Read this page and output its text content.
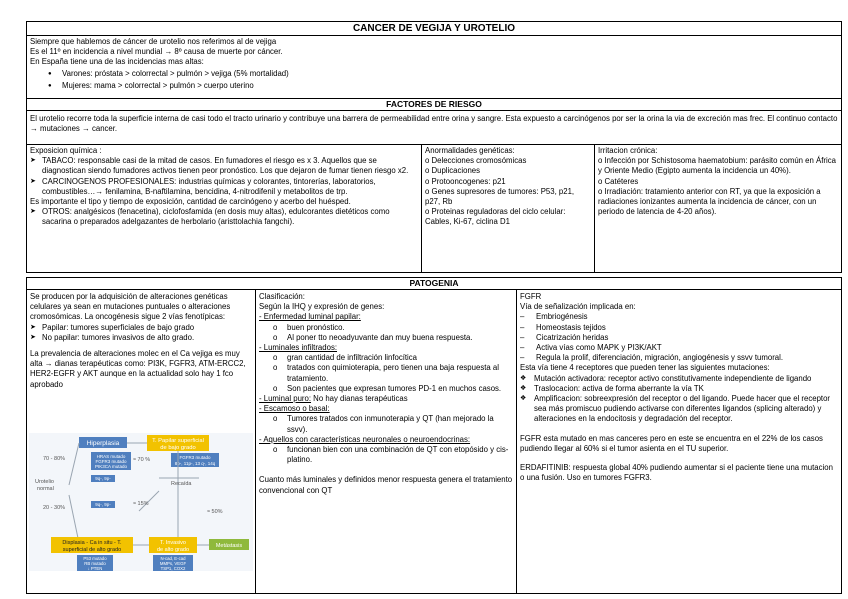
CANCER DE VEGIJA Y UROTELIO
Siempre que hablemos de cáncer de urotelio nos referimos al de vejiga
Es el 11º en incidencia a nivel mundial → 8º causa de muerte por cáncer.
En España tiene una de las incidencias mas altas:
● Varones: próstata > colorrectal > pulmón > vejiga (5% mortalidad)
● Mujeres: mama > colorrectal > pulmón > cuerpo uterino
FACTORES DE RIESGO
El urotelio recorre toda la superficie interna de casi todo el tracto urinario y contribuye una barrera de permeabilidad entre orina y sangre. Esta expuesto a carcinógenos por ser la orina la via de excreción mas frec. El continuo contacto → mutaciones → cancer.
Exposicion química :
➤ TABACO: responsable casi de la mitad de casos. En fumadores el riesgo es x 3. Aquellos que se diagnostican siendo fumadores activos tienen peor pronóstico. Los que dejaron de fumar tienen riesgo x2.
➤ CARCINOGENOS PROFESIONALES: industrias químicas y colorantes, tintorerías, laboratorios, combustibles…→ fenilamina, B-naftilamina, bencidina, 4-nitrodifenil y metabolitos de trp.
Es importante el tipo y tiempo de exposición, cantidad de carcinógeno y acerbo del huésped.
➤ OTROS: analgésicos (fenacetina), ciclofosfamida (en dosis muy altas), edulcorantes dietéticos como sacarina o preparados adelgazantes de herbolario (aristtolachia fangchi).
Anormalidades genéticas:
o Delecciones cromosómicas
o Duplicaciones
o Protooncogenes: p21
o Genes supresores de tumores: P53, p21, p27, Rb
o Proteinas reguladoras del ciclo celular: Cables, Ki-67, ciclina D1
Irritacion crónica:
o Infección por Schistosoma haematobium: parásito común en África y Oriente Medio (Egipto aumenta la incidencia un 40%).
o Catéteres
o Irradiación: tratamiento anterior con RT, ya que la exposición a radiaciones ionizantes aumenta la incidencia de cáncer, con un periodo de latencia de 4-20 años).
PATOGENIA
Se producen por la adquisición de alteraciones genéticas celulares ya sean en mutaciones puntuales o alteraciones cromosómicas. La oncogénesis sigue 2 vías fenotípicas:
➤ Papilar: tumores superficiales de bajo grado
➤ No papilar: tumores invasivos de alto grado.
La prevalencia de alteraciones molec en el Ca vejiga es muy alta → dianas terapéuticas como: PI3K, FGFR3, ATM-ERCC2, HER2-EGFR y AKT aunque en la actualidad solo hay 1 fco aprobado
Hiperplasia	T. Papilar superficial
de bajo grado
HRAS mutado
FGFR3 mutado
PIK3CA mutado
FGFR3 mutado
8p-, 11p-, 13 q-, 14q
9q-, 9p-
9q-, 9p-
70 - 80%
Urotelio
normal
20 - 30%
≈ 70 %
Recaída
≈ 15%
≈ 50%
Displasia - Ca in situ - T.
superficial de alto grado
T. Invasivo
de alto grado
Metástasis
P53 mutado
RB mutado
↓ PTEN
N-cad, E-cad
MMPs, VEGF
TSP1, COX2
Clasificación:
Según la IHQ y expresión de genes:
- Enfermedad luminal papilar:
o buen pronóstico.
o Al poner tto neoadyuvante dan muy buena respuesta.
- Luminales infiltrados:
o gran cantidad de infiltración linfocítica
o tratados con quimioterapia, pero tienen una baja respuesta al tratamiento.
o Son pacientes que expresan tumores PD-1 en muchos casos.
- Luminal puro: No hay dianas terapéuticas
- Escamoso o basal:
o Tumores tratados con inmunoterapia y QT (han mejorado la ssvv).
- Aquellos con características neuronales o neuroendocrinas:
o funcionan bien con una combinación de QT con etopósido y cis-platino.
Cuanto más luminales y definidos menor respuesta genera el tratamiento convencional con QT
FGFR
Vía de señalización implicada en:
– Embriogénesis
– Homeostasis tejidos
– Cicatrización heridas
– Activa vías como MAPK y PI3K/AKT
– Regula la prolif, diferenciación, migración, angiogénesis y ssvv tumoral.
Esta vía tiene 4 receptores que pueden tener las siguientes mutaciones:
❖ Mutación activadora: receptor activo constitutivamente independiente de ligando
❖ Traslocacion: activa de forma aberrante la vía TK
❖ Amplificacion: sobreexpresión del receptor o del ligando. Puede hacer que el receptor sea más promiscuo pudiendo activarse con diferentes ligandos (splicing alterado) y alteraciones en la endocitosis y degradación del receptor.
FGFR esta mutado en mas canceres pero en este se encuentra en el 22% de los casos pudiendo llegar al 60% si el tumor asienta en el TU superior.
ERDAFITINIB: respuesta global 40% pudiendo aumentar si el paciente tiene una mutacion o una fusión. Uso en tumores FGFR3.
